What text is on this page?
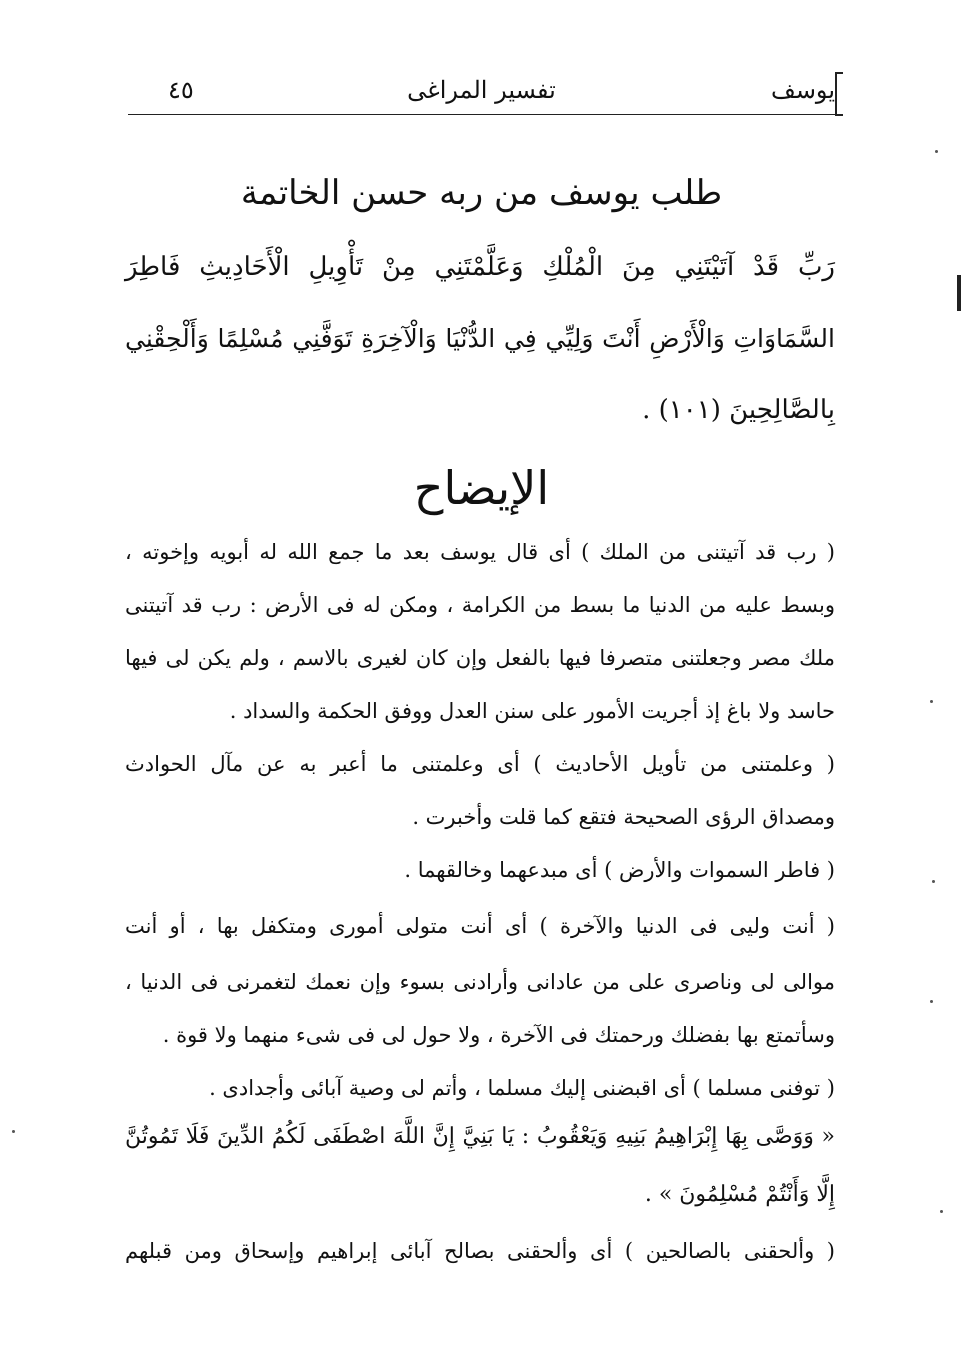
يوسف
تفسير المراغى
٤٥
طلب يوسف من ربه حسن الخاتمة
رَبِّ قَدْ آتَيْتَنِي مِنَ الْمُلْكِ وَعَلَّمْتَنِي مِنْ تَأْوِيلِ الْأَحَادِيثِ فَاطِرَ
السَّمَاوَاتِ وَالْأَرْضِ أَنْتَ وَلِيِّي فِي الدُّنْيَا وَالْآخِرَةِ تَوَفَّنِي مُسْلِمًا وَأَلْحِقْنِي
بِالصَّالِحِينَ (١٠١) .
الإيضاح
( رب قد آتيتنى من الملك ) أى قال يوسف بعد ما جمع الله له أبويه وإخوته ،
وبسط عليه من الدنيا ما بسط من الكرامة ، ومكن له فى الأرض : رب قد آتيتنى
ملك مصر وجعلتنى متصرفا فيها بالفعل وإن كان لغيرى بالاسم ، ولم يكن لى فيها
حاسد ولا باغ إذ أجريت الأمور على سنن العدل ووفق الحكمة والسداد .
( وعلمتنى من تأويل الأحاديث ) أى وعلمتنى ما أعبر به عن مآل الحوادث
ومصداق الرؤى الصحيحة فتقع كما قلت وأخبرت .
( فاطر السموات والأرض ) أى مبدعهما وخالقهما .
( أنت وليى فى الدنيا والآخرة ) أى أنت متولى أمورى ومتكفل بها ، أو أنت
موالى لى وناصرى على من عادانى وأرادنى بسوء وإن نعمك لتغمرنى فى الدنيا ،
وسأتمتع بها بفضلك ورحمتك فى الآخرة ، ولا حول لى فى شىء منهما ولا قوة .
( توفنى مسلما ) أى اقبضنى إليك مسلما ، وأتم لى وصية آبائى وأجدادى .
« وَوَصَّى بِهَا إِبْرَاهِيمُ بَنِيهِ وَيَعْقُوبُ : يَا بَنِيَّ إِنَّ اللَّهَ اصْطَفَى لَكُمُ الدِّينَ فَلَا تَمُوتُنَّ
إِلَّا وَأَنْتُمْ مُسْلِمُونَ » .
( وألحقنى بالصالحين ) أى وألحقنى بصالح آبائى إبراهيم وإسحاق ومن قبلهم
